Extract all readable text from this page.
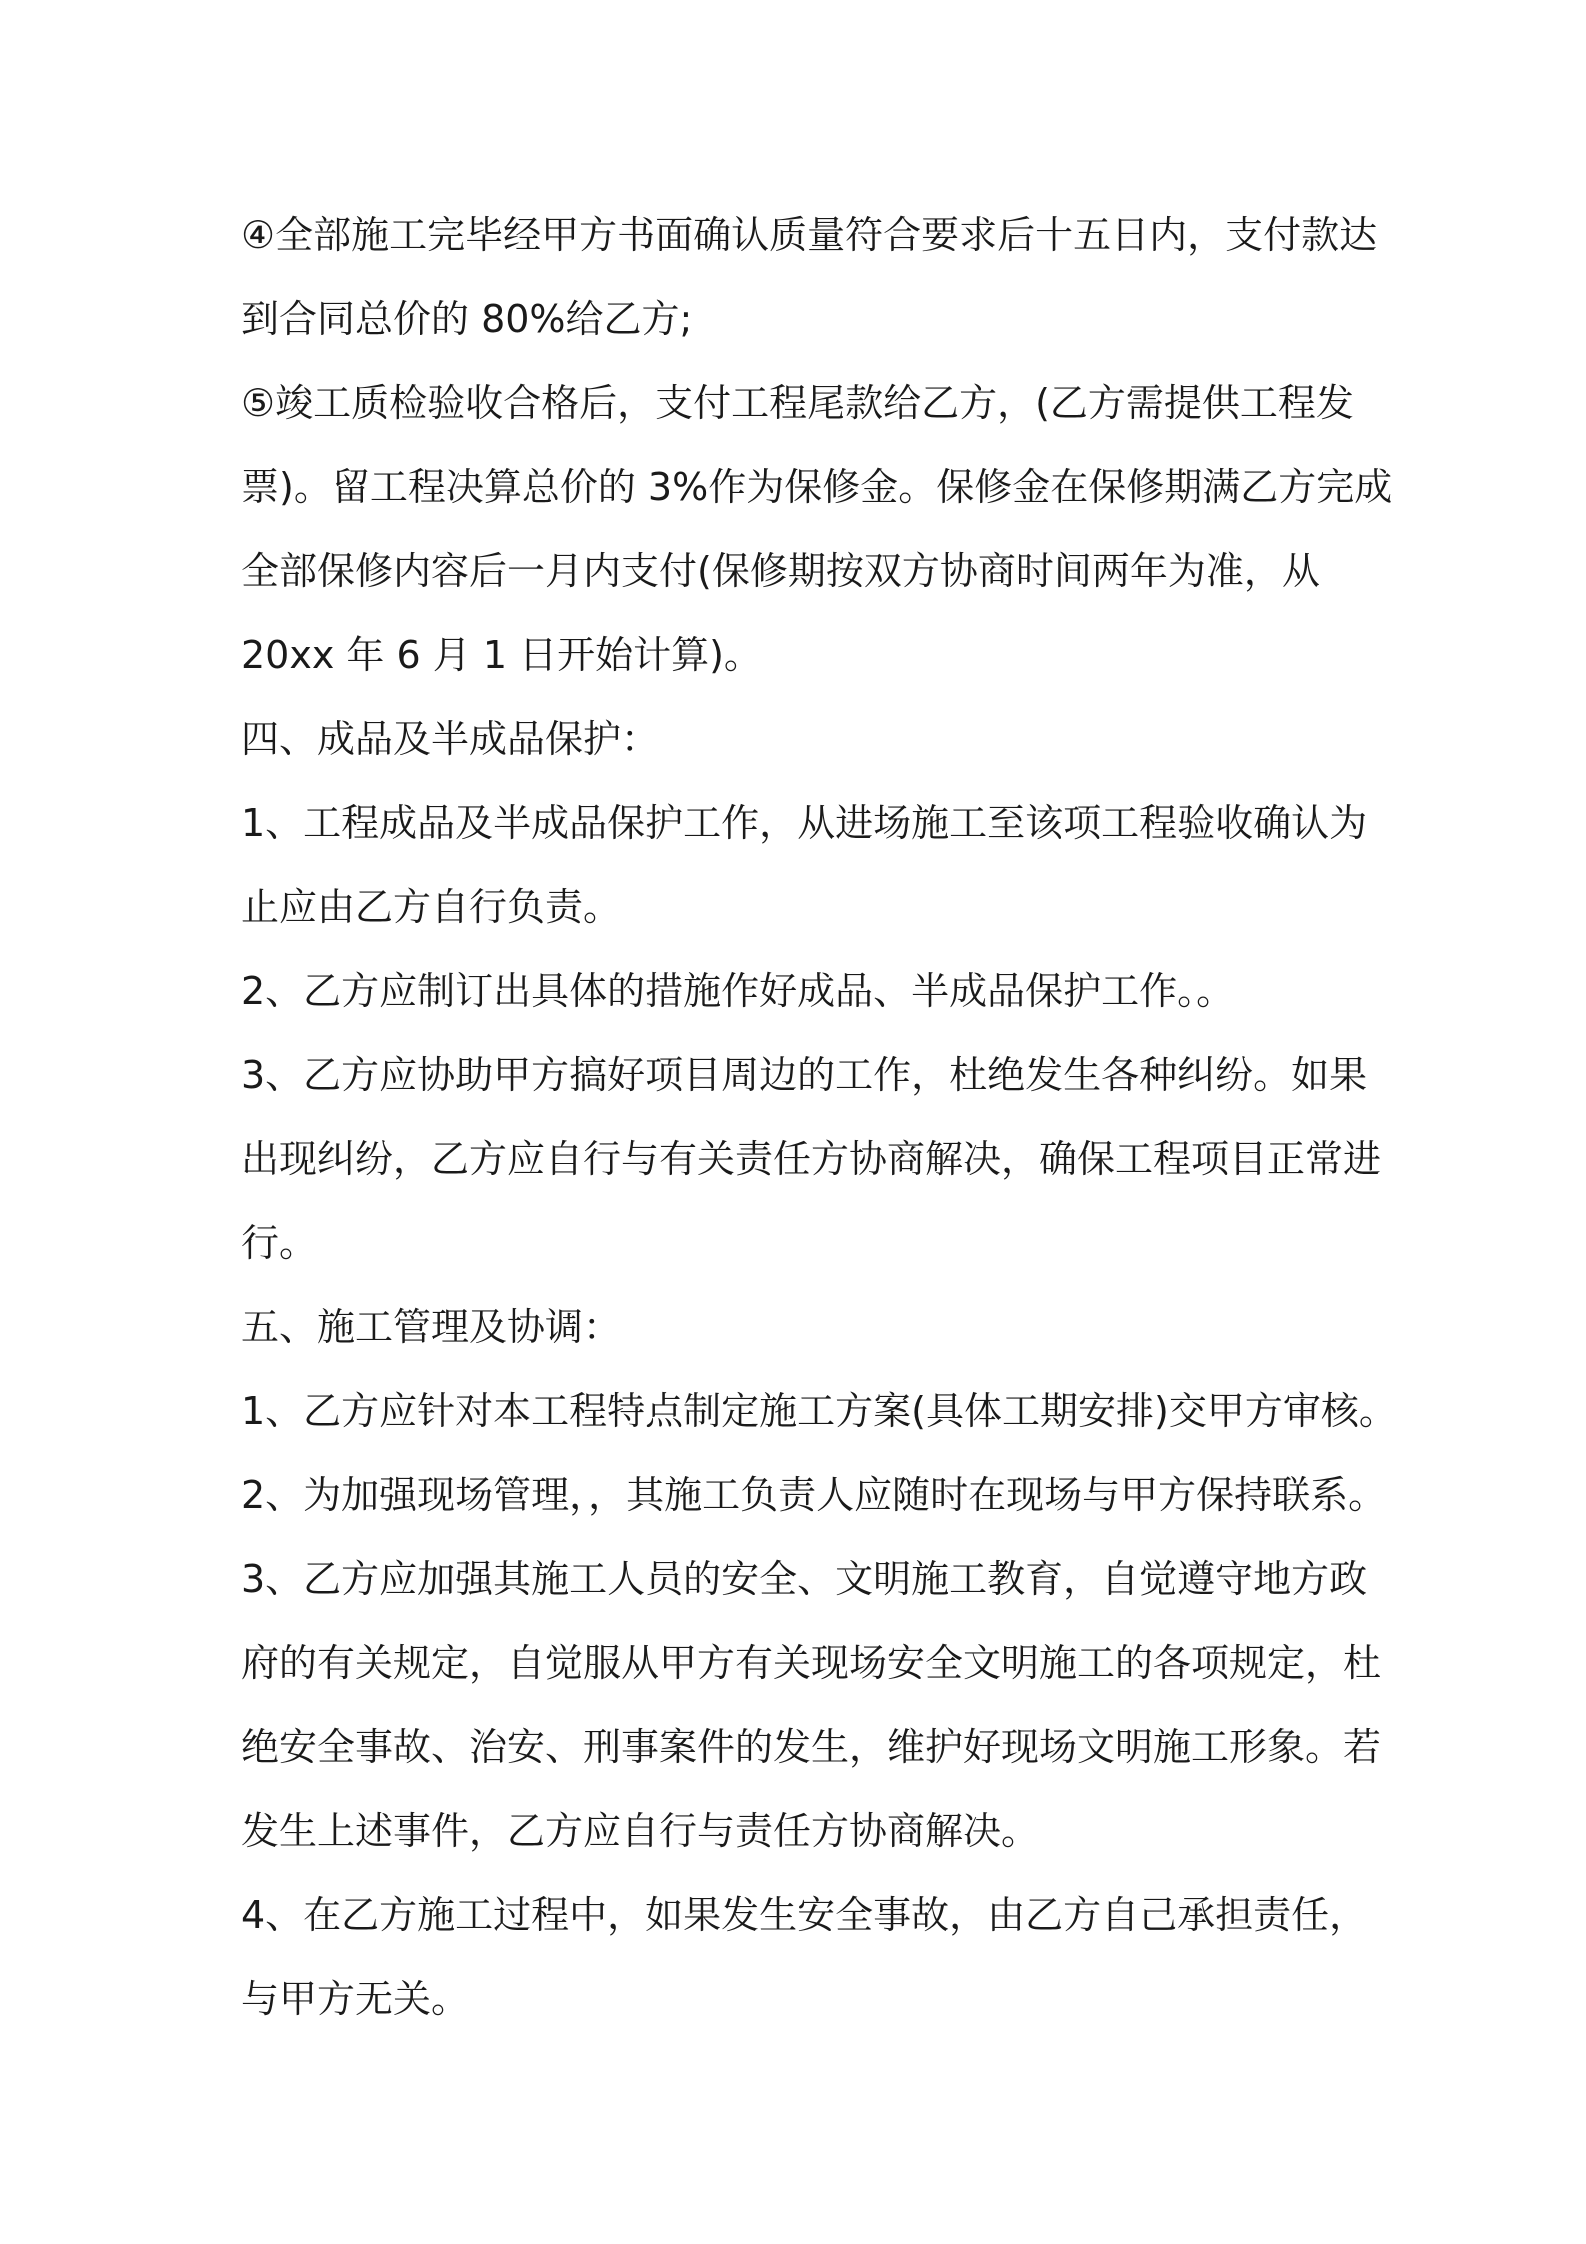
④全部施工完毕经甲方书面确认质量符合要求后十五日内，支付款达
到合同总价的 80%给乙方;

⑤竣工质检验收合格后，支付工程尾款给乙方，(乙方需提供工程发
票)。留工程决算总价的 3%作为保修金。保修金在保修期满乙方完成
全部保修内容后一月内支付(保修期按双方协商时间两年为准，从
20xx 年 6 月 1 日开始计算)。

四、成品及半成品保护：

1、工程成品及半成品保护工作，从进场施工至该项工程验收确认为
止应由乙方自行负责。

2、乙方应制订出具体的措施作好成品、半成品保护工作。。

3、乙方应协助甲方搞好项目周边的工作，杜绝发生各种纠纷。如果
出现纠纷，乙方应自行与有关责任方协商解决，确保工程项目正常进
行。

五、施工管理及协调：

1、乙方应针对本工程特点制定施工方案(具体工期安排)交甲方审核。

2、为加强现场管理，，其施工负责人应随时在现场与甲方保持联系。

3、乙方应加强其施工人员的安全、文明施工教育，自觉遵守地方政
府的有关规定，自觉服从甲方有关现场安全文明施工的各项规定，杜
绝安全事故、治安、刑事案件的发生，维护好现场文明施工形象。若
发生上述事件，乙方应自行与责任方协商解决。

4、在乙方施工过程中，如果发生安全事故，由乙方自己承担责任，
与甲方无关。
